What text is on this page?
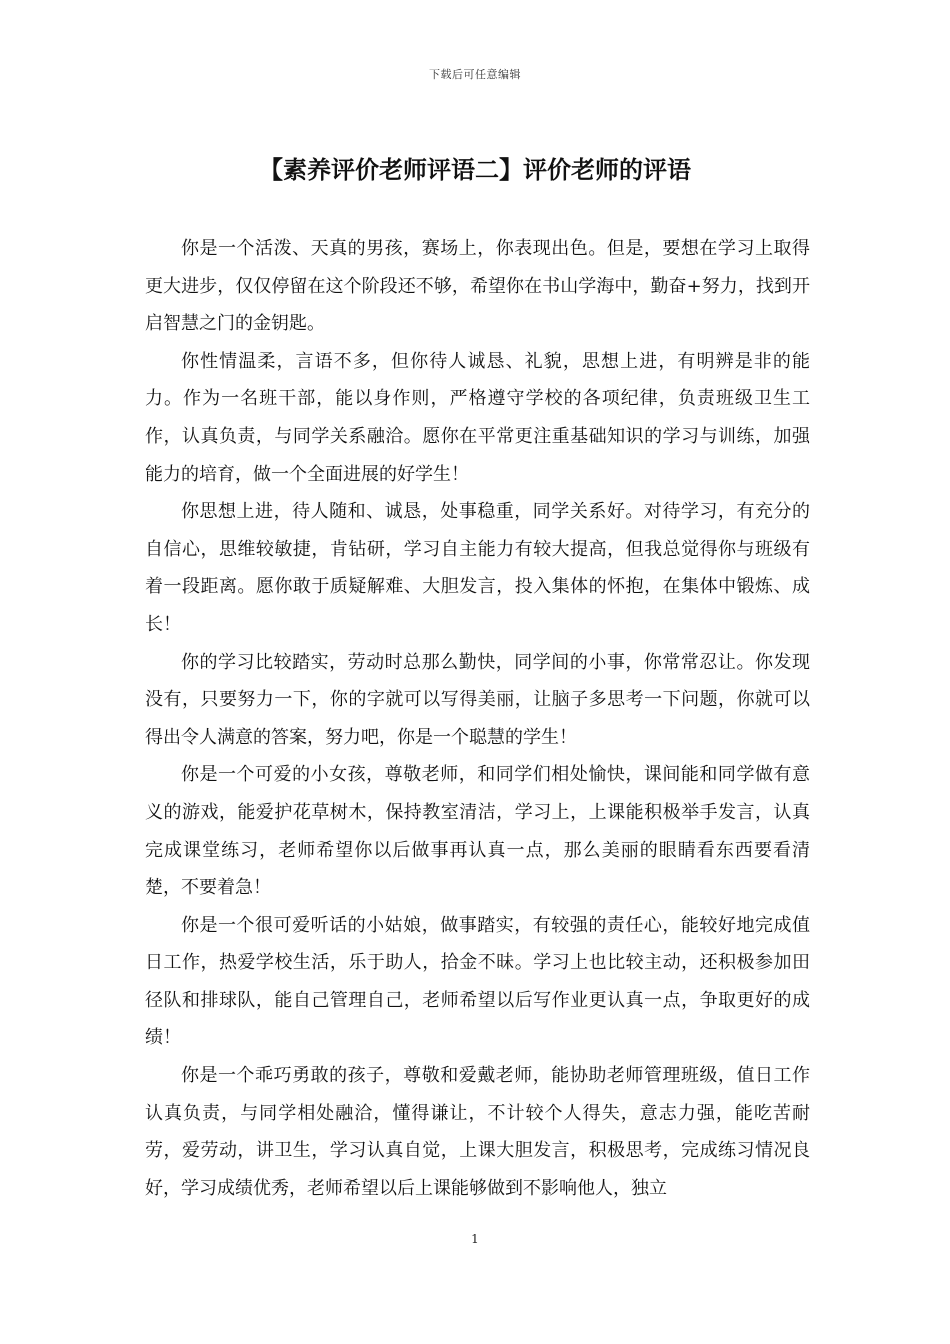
下载后可任意编辑
【素养评价老师评语二】评价老师的评语

你是一个活泼、天真的男孩，赛场上，你表现出色。但是，要想在学习上取得更大进步，仅仅停留在这个阶段还不够，希望你在书山学海中，勤奋+努力，找到开启智慧之门的金钥匙。

你性情温柔，言语不多，但你待人诚恳、礼貌，思想上进，有明辨是非的能力。作为一名班干部，能以身作则，严格遵守学校的各项纪律，负责班级卫生工作，认真负责，与同学关系融洽。愿你在平常更注重基础知识的学习与训练，加强能力的培育，做一个全面进展的好学生！

你思想上进，待人随和、诚恳，处事稳重，同学关系好。对待学习，有充分的自信心，思维较敏捷，肯钻研，学习自主能力有较大提高，但我总觉得你与班级有着一段距离。愿你敢于质疑解难、大胆发言，投入集体的怀抱，在集体中锻炼、成长！

你的学习比较踏实，劳动时总那么勤快，同学间的小事，你常常忍让。你发现没有，只要努力一下，你的字就可以写得美丽，让脑子多思考一下问题，你就可以得出令人满意的答案，努力吧，你是一个聪慧的学生！

你是一个可爱的小女孩，尊敬老师，和同学们相处愉快，课间能和同学做有意义的游戏，能爱护花草树木，保持教室清洁，学习上，上课能积极举手发言，认真完成课堂练习，老师希望你以后做事再认真一点，那么美丽的眼睛看东西要看清楚，不要着急！

你是一个很可爱听话的小姑娘，做事踏实，有较强的责任心，能较好地完成值日工作，热爱学校生活，乐于助人，拾金不昧。学习上也比较主动，还积极参加田径队和排球队，能自己管理自己，老师希望以后写作业更认真一点，争取更好的成绩！

你是一个乖巧勇敢的孩子，尊敬和爱戴老师，能协助老师管理班级，值日工作认真负责，与同学相处融洽，懂得谦让，不计较个人得失，意志力强，能吃苦耐劳，爱劳动，讲卫生，学习认真自觉，上课大胆发言，积极思考，完成练习情况良好，学习成绩优秀，老师希望以后上课能够做到不影响他人，独立

1
